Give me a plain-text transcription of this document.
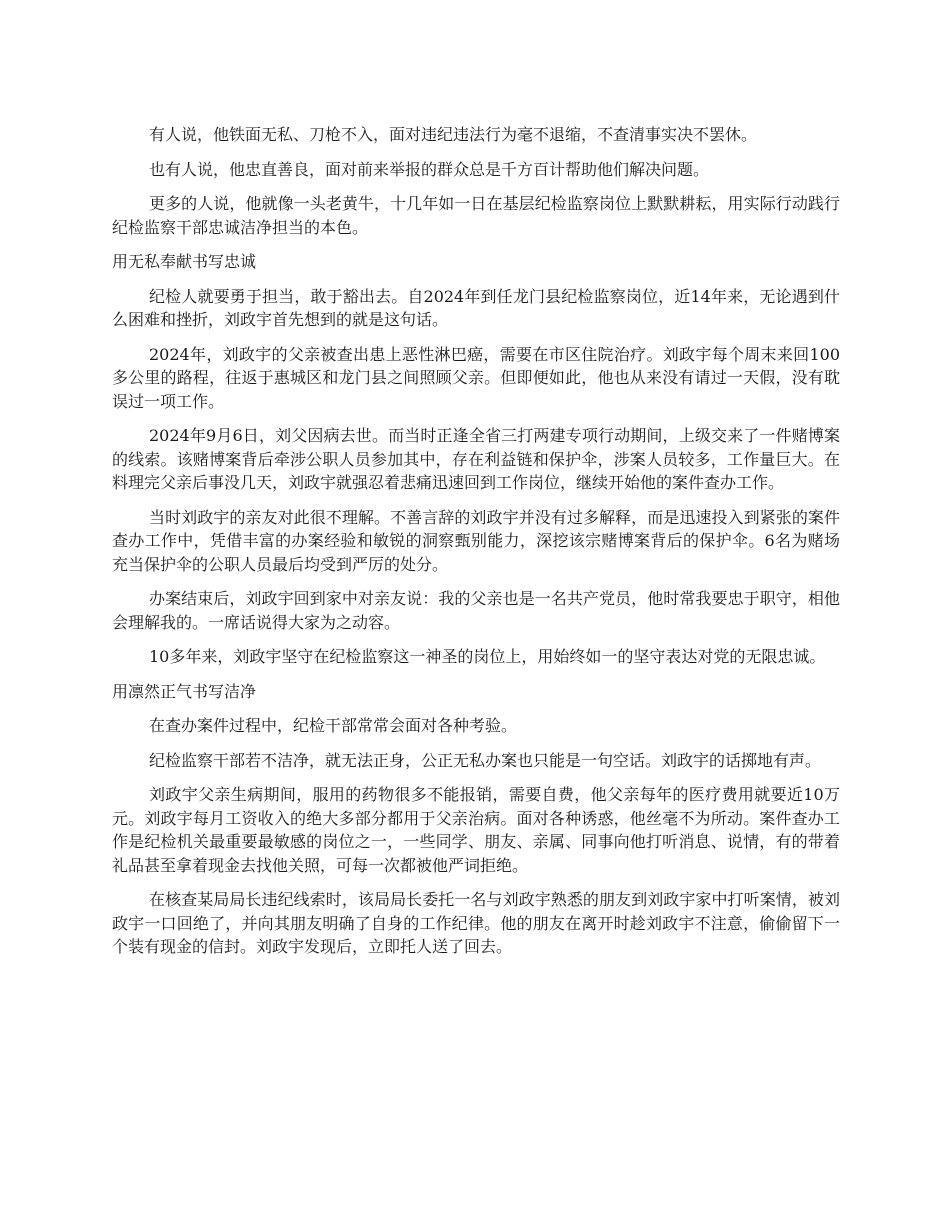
有人说，他铁面无私、刀枪不入，面对违纪违法行为毫不退缩，不查清事实决不罢休。

也有人说，他忠直善良，面对前来举报的群众总是千方百计帮助他们解决问题。

更多的人说，他就像一头老黄牛，十几年如一日在基层纪检监察岗位上默默耕耘，用实际行动践行纪检监察干部忠诚洁净担当的本色。

用无私奉献书写忠诚

纪检人就要勇于担当，敢于豁出去。自2024年到任龙门县纪检监察岗位，近14年来，无论遇到什么困难和挫折，刘政宇首先想到的就是这句话。

2024年，刘政宇的父亲被查出患上恶性淋巴癌，需要在市区住院治疗。刘政宇每个周末来回100多公里的路程，往返于惠城区和龙门县之间照顾父亲。但即便如此，他也从来没有请过一天假，没有耽误过一项工作。

2024年9月6日，刘父因病去世。而当时正逢全省三打两建专项行动期间，上级交来了一件赌博案的线索。该赌博案背后牵涉公职人员参加其中，存在利益链和保护伞，涉案人员较多，工作量巨大。在料理完父亲后事没几天，刘政宇就强忍着悲痛迅速回到工作岗位，继续开始他的案件查办工作。

当时刘政宇的亲友对此很不理解。不善言辞的刘政宇并没有过多解释，而是迅速投入到紧张的案件查办工作中，凭借丰富的办案经验和敏锐的洞察甄别能力，深挖该宗赌博案背后的保护伞。6名为赌场充当保护伞的公职人员最后均受到严厉的处分。

办案结束后，刘政宇回到家中对亲友说：我的父亲也是一名共产党员，他时常我要忠于职守，相他会理解我的。一席话说得大家为之动容。

10多年来，刘政宇坚守在纪检监察这一神圣的岗位上，用始终如一的坚守表达对党的无限忠诚。

用凛然正气书写洁净

在查办案件过程中，纪检干部常常会面对各种考验。

纪检监察干部若不洁净，就无法正身，公正无私办案也只能是一句空话。刘政宇的话掷地有声。

刘政宇父亲生病期间，服用的药物很多不能报销，需要自费，他父亲每年的医疗费用就要近10万元。刘政宇每月工资收入的绝大多部分都用于父亲治病。面对各种诱惑，他丝毫不为所动。案件查办工作是纪检机关最重要最敏感的岗位之一，一些同学、朋友、亲属、同事向他打听消息、说情，有的带着礼品甚至拿着现金去找他关照，可每一次都被他严词拒绝。

在核查某局局长违纪线索时，该局局长委托一名与刘政宇熟悉的朋友到刘政宇家中打听案情，被刘政宇一口回绝了，并向其朋友明确了自身的工作纪律。他的朋友在离开时趁刘政宇不注意，偷偷留下一个装有现金的信封。刘政宇发现后，立即托人送了回去。
